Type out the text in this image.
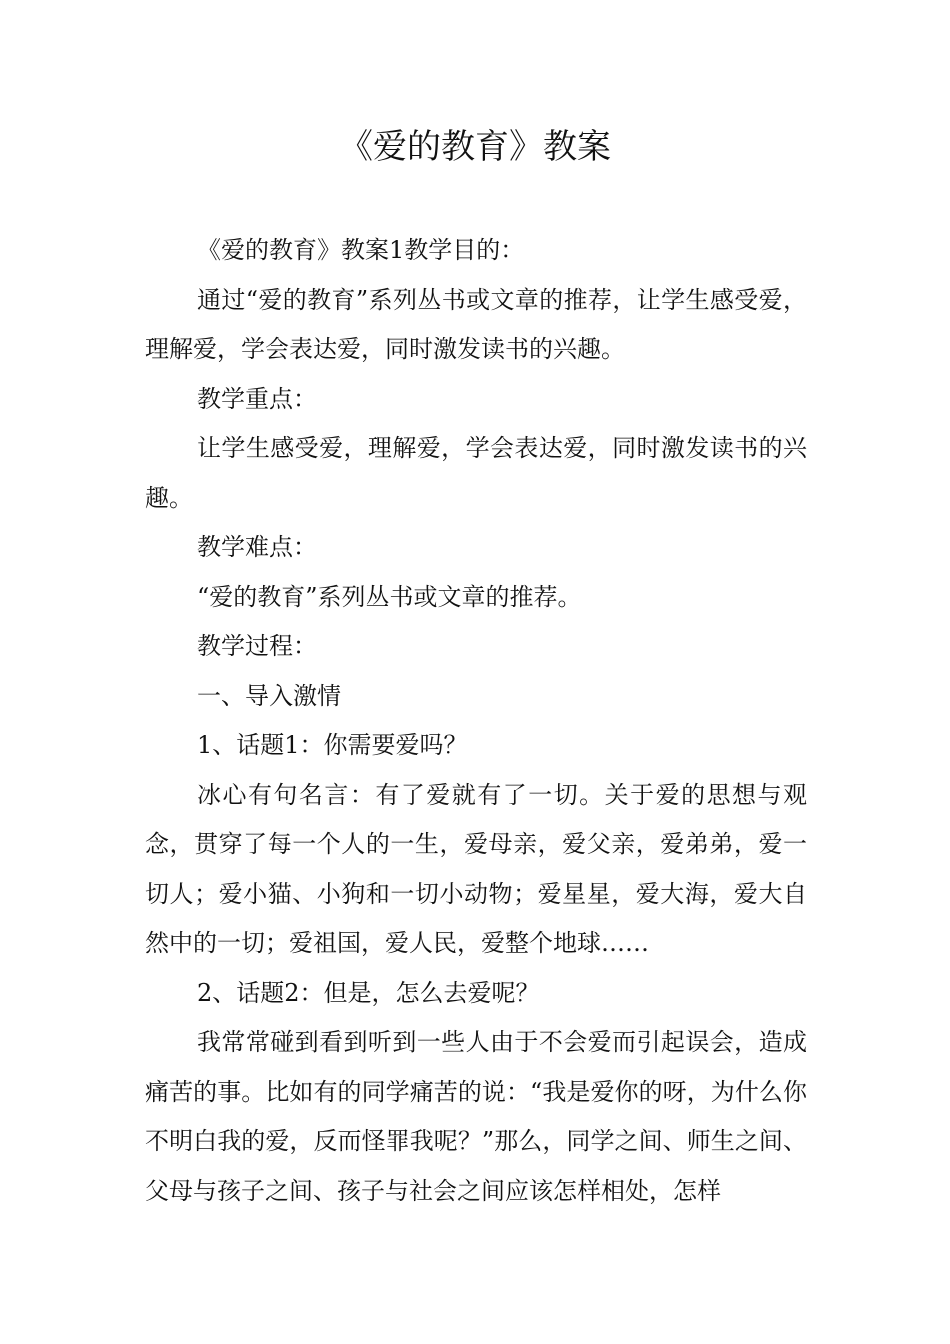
《爱的教育》教案

《爱的教育》教案1教学目的：

通过“爱的教育”系列丛书或文章的推荐，让学生感受爱，理解爱，学会表达爱，同时激发读书的兴趣。

教学重点：

让学生感受爱，理解爱，学会表达爱，同时激发读书的兴趣。

教学难点：

“爱的教育”系列丛书或文章的推荐。

教学过程：

一、导入激情

1、话题1：你需要爱吗？

冰心有句名言：有了爱就有了一切。关于爱的思想与观念，贯穿了每一个人的一生，爱母亲，爱父亲，爱弟弟，爱一切人；爱小猫、小狗和一切小动物；爱星星，爱大海，爱大自然中的一切；爱祖国，爱人民，爱整个地球……

2、话题2：但是，怎么去爱呢？

我常常碰到看到听到一些人由于不会爱而引起误会，造成痛苦的事。比如有的同学痛苦的说：“我是爱你的呀，为什么你不明白我的爱，反而怪罪我呢？”那么，同学之间、师生之间、父母与孩子之间、孩子与社会之间应该怎样相处，怎样
